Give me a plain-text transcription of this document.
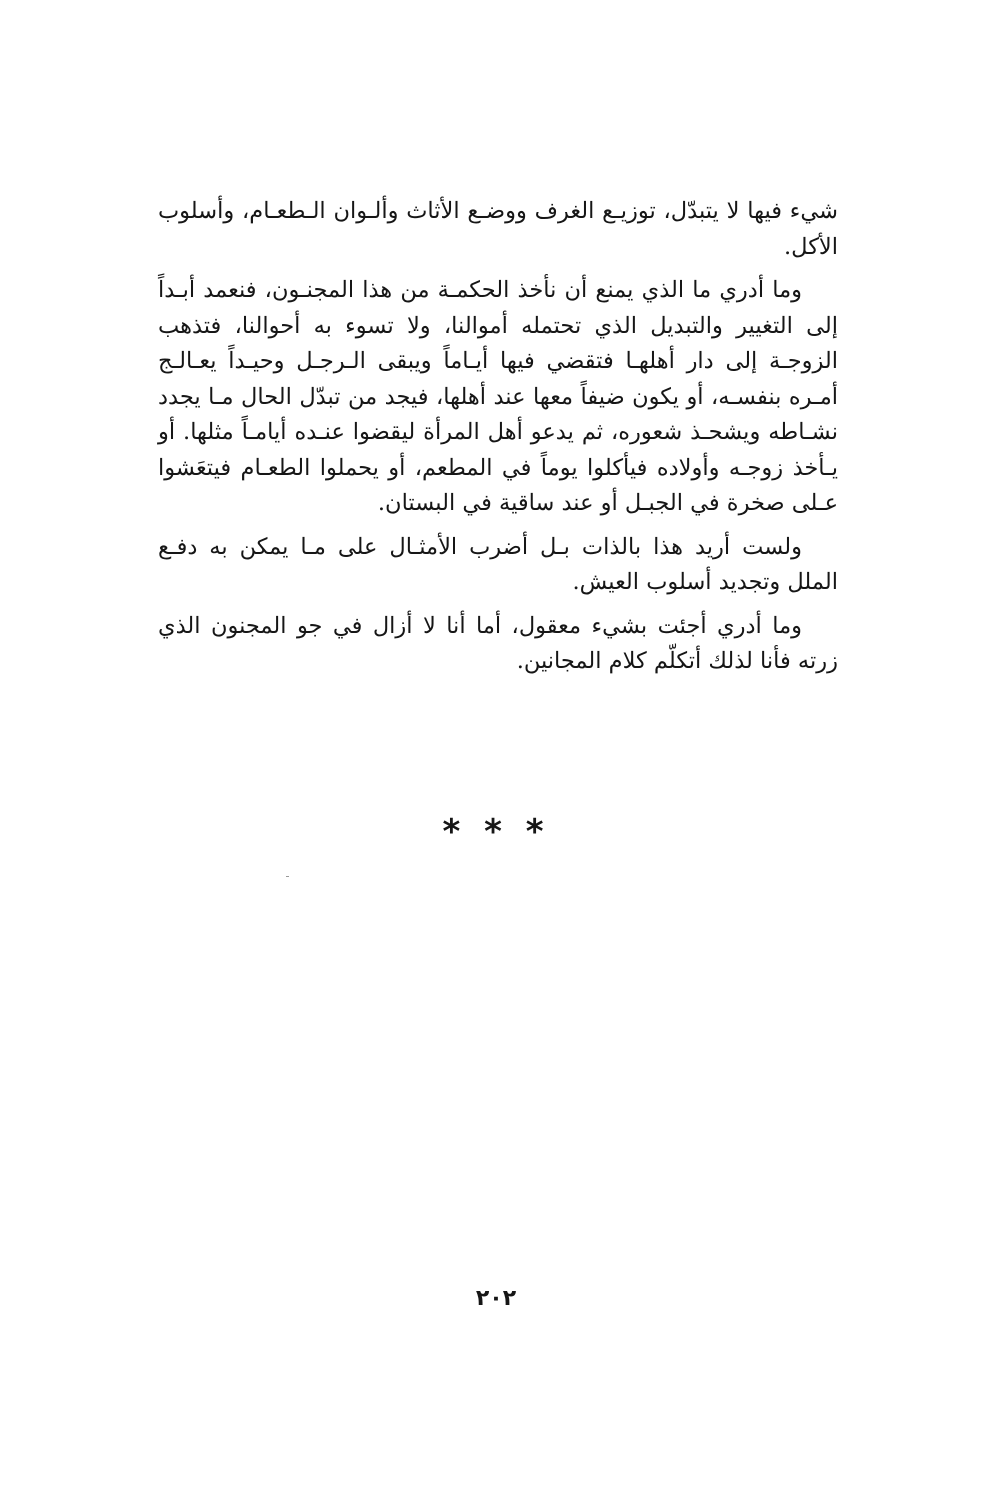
شيء فيها لا يتبدّل، توزيـع الغرف ووضـع الأثاث وألـوان الـطعـام، وأسلوب الأكل.

وما أدري ما الذي يمنع أن نأخذ الحكمـة من هذا المجنـون، فنعمد أبـداً إلى التغيير والتبديل الذي تحتمله أموالنا، ولا تسوء به أحوالنا، فتذهب الزوجـة إلى دار أهلهـا فتقضي فيها أيـاماً ويبقى الـرجـل وحيـداً يعـالـج أمـره بنفسـه، أو يكون ضيفاً معها عند أهلها، فيجد من تبدّل الحال مـا يجدد نشـاطه ويشحـذ شعوره، ثم يدعو أهل المرأة ليقضوا عنـده أيامـاً مثلها. أو يـأخذ زوجـه وأولاده فيأكلوا يوماً في المطعم، أو يحملوا الطعـام فيتعَشوا عـلى صخرة في الجبـل أو عند ساقية في البستان.

ولست أريد هذا بالذات بـل أضرب الأمثـال على مـا يمكن به دفـع الملل وتجديد أسلوب العيش.

وما أدري أجئت بشيء معقول، أما أنا لا أزال في جو المجنون الذي زرته فأنا لذلك أتكلّم كلام المجانين.

* * *
٢٠٢
